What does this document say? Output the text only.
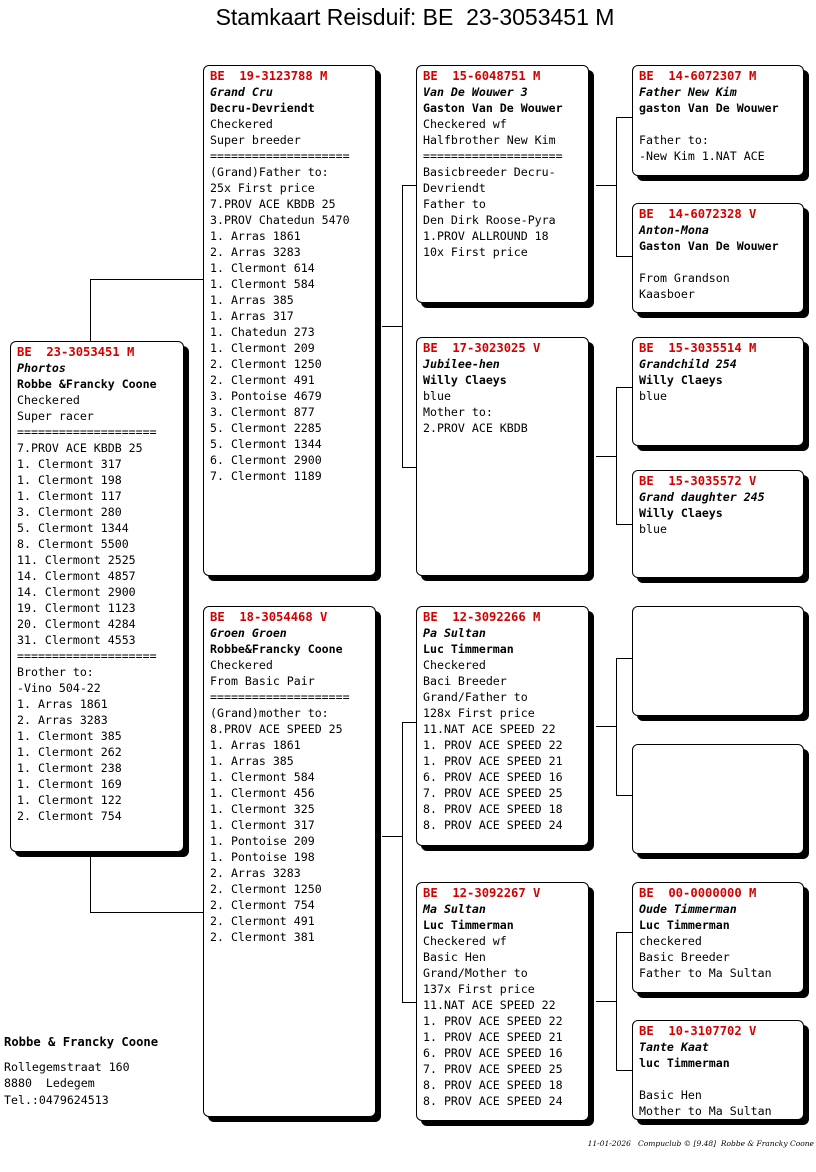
Stamkaart Reisduif: BE  23-3053451 M
BE  23-3053451 M
Phortos
Robbe &Francky Coone
Checkered
Super racer
====================
7.PROV ACE KBDB 25
1. Clermont 317
1. Clermont 198
1. Clermont 117
3. Clermont 280
5. Clermont 1344
8. Clermont 5500
11. Clermont 2525
14. Clermont 4857
14. Clermont 2900
19. Clermont 1123
20. Clermont 4284
31. Clermont 4553
====================
Brother to:
-Vino 504-22
1. Arras 1861
2. Arras 3283
1. Clermont 385
1. Clermont 262
1. Clermont 238
1. Clermont 169
1. Clermont 122
2. Clermont 754
BE  19-3123788 M
Grand Cru
Decru-Devriendt
Checkered
Super breeder
====================
(Grand)Father to:
25x First price
7.PROV ACE KBDB 25
3.PROV Chatedun 5470
1. Arras 1861
2. Arras 3283
1. Clermont 614
1. Clermont 584
1. Arras 385
1. Arras 317
1. Chatedun 273
1. Clermont 209
2. Clermont 1250
2. Clermont 491
3. Pontoise 4679
3. Clermont 877
5. Clermont 2285
5. Clermont 1344
6. Clermont 2900
7. Clermont 1189
BE  18-3054468 V
Groen Groen
Robbe&Francky Coone
Checkered
From Basic Pair
====================
(Grand)mother to:
8.PROV ACE SPEED 25
1. Arras 1861
1. Arras 385
1. Clermont 584
1. Clermont 456
1. Clermont 325
1. Clermont 317
1. Pontoise 209
1. Pontoise 198
2. Arras 3283
2. Clermont 1250
2. Clermont 754
2. Clermont 491
2. Clermont 381
BE  15-6048751 M
Van De Wouwer 3
Gaston Van De Wouwer
Checkered wf
Halfbrother New Kim
====================
Basicbreeder Decru-
Devriendt
Father to
Den Dirk Roose-Pyra
1.PROV ALLROUND 18
10x First price
BE  17-3023025 V
Jubilee-hen
Willy Claeys
blue
Mother to:
2.PROV ACE KBDB
BE  12-3092266 M
Pa Sultan
Luc Timmerman
Checkered
Baci Breeder
Grand/Father to
128x First price
11.NAT ACE SPEED 22
1. PROV ACE SPEED 22
1. PROV ACE SPEED 21
6. PROV ACE SPEED 16
7. PROV ACE SPEED 25
8. PROV ACE SPEED 18
8. PROV ACE SPEED 24
BE  12-3092267 V
Ma Sultan
Luc Timmerman
Checkered wf
Basic Hen
Grand/Mother to
137x First price
11.NAT ACE SPEED 22
1. PROV ACE SPEED 22
1. PROV ACE SPEED 21
6. PROV ACE SPEED 16
7. PROV ACE SPEED 25
8. PROV ACE SPEED 18
8. PROV ACE SPEED 24
BE  14-6072307 M
Father New Kim
gaston Van De Wouwer
Father to:
-New Kim 1.NAT ACE
BE  14-6072328 V
Anton-Mona
Gaston Van De Wouwer
From Grandson
Kaasboer
BE  15-3035514 M
Grandchild 254
Willy Claeys
blue
BE  15-3035572 V
Grand daughter 245
Willy Claeys
blue
BE  00-0000000 M
Oude Timmerman
Luc Timmerman
checkered
Basic Breeder
Father to Ma Sultan
BE  10-3107702 V
Tante Kaat
luc Timmerman
Basic Hen
Mother to Ma Sultan
Robbe & Francky Coone
Rollegemstraat 160
8880  Ledegem
Tel.:0479624513
11-01-2026   Compuclub © [9.48]  Robbe & Francky Coone
